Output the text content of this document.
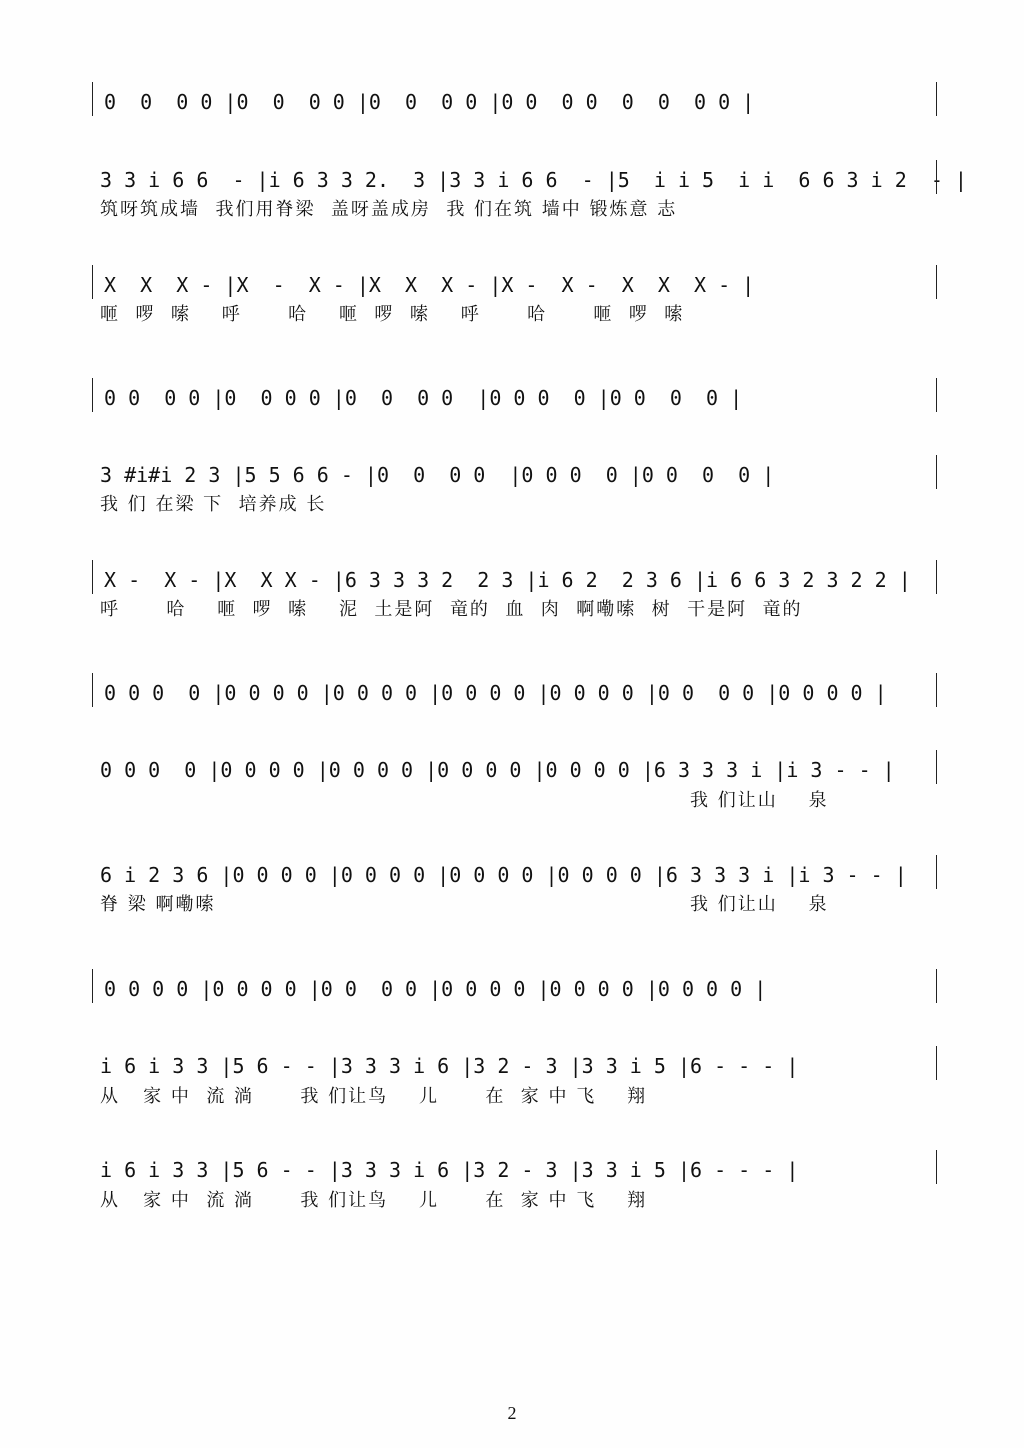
0  0  0 0 |0  0  0 0 |0  0  0 0 |0 0  0 0  0  0  0 0 |
3 3 i 6 6  - |i 6 3 3 2.  3 |3 3 i 6 6  - |5  i i 5  i i  6 6 3 i 2  - |
筑呀筑成墙  我们用脊梁  盖呀盖成房  我 们在筑 墙中 锻炼意 志
X  X  X - |X  -  X - |X  X  X - |X -  X -  X  X  X - |
咂  啰  嗦    呼      哈    咂  啰  嗦    呼      哈      咂  啰  嗦
0 0  0 0 |0  0 0 0 |0  0  0 0  |0 0 0  0 |0 0  0  0 |
3 #i#i 2 3 |5 5 6 6 - |0  0  0 0  |0 0 0  0 |0 0  0  0 |
我 们 在梁 下  培养成 长
X -  X - |X  X X - |6 3 3 3 2  2 3 |i 6 2  2 3 6 |i 6 6 3 2 3 2 2 |
呼      哈    咂  啰  嗦    泥  土是阿  竜的  血  肉  啊嘞嗦  树  干是阿  竜的
0 0 0  0 |0 0 0 0 |0 0 0 0 |0 0 0 0 |0 0 0 0 |0 0  0 0 |0 0 0 0 |
0 0 0  0 |0 0 0 0 |0 0 0 0 |0 0 0 0 |0 0 0 0 |6 3 3 3 i |i 3 - - |
我 们让山    泉
6 i 2 3 6 |0 0 0 0 |0 0 0 0 |0 0 0 0 |0 0 0 0 |6 3 3 3 i |i 3 - - |
脊 梁 啊嘞嗦	我 们让山    泉
0 0 0 0 |0 0 0 0 |0 0  0 0 |0 0 0 0 |0 0 0 0 |0 0 0 0 |
i 6 i 3 3 |5 6 - - |3 3 3 i 6 |3 2 - 3 |3 3 i 5 |6 - - - |
从   家 中  流 淌      我 们让鸟    儿      在  家 中 飞    翔
i 6 i 3 3 |5 6 - - |3 3 3 i 6 |3 2 - 3 |3 3 i 5 |6 - - - |
从   家 中  流 淌      我 们让鸟    儿      在  家 中 飞    翔
2
